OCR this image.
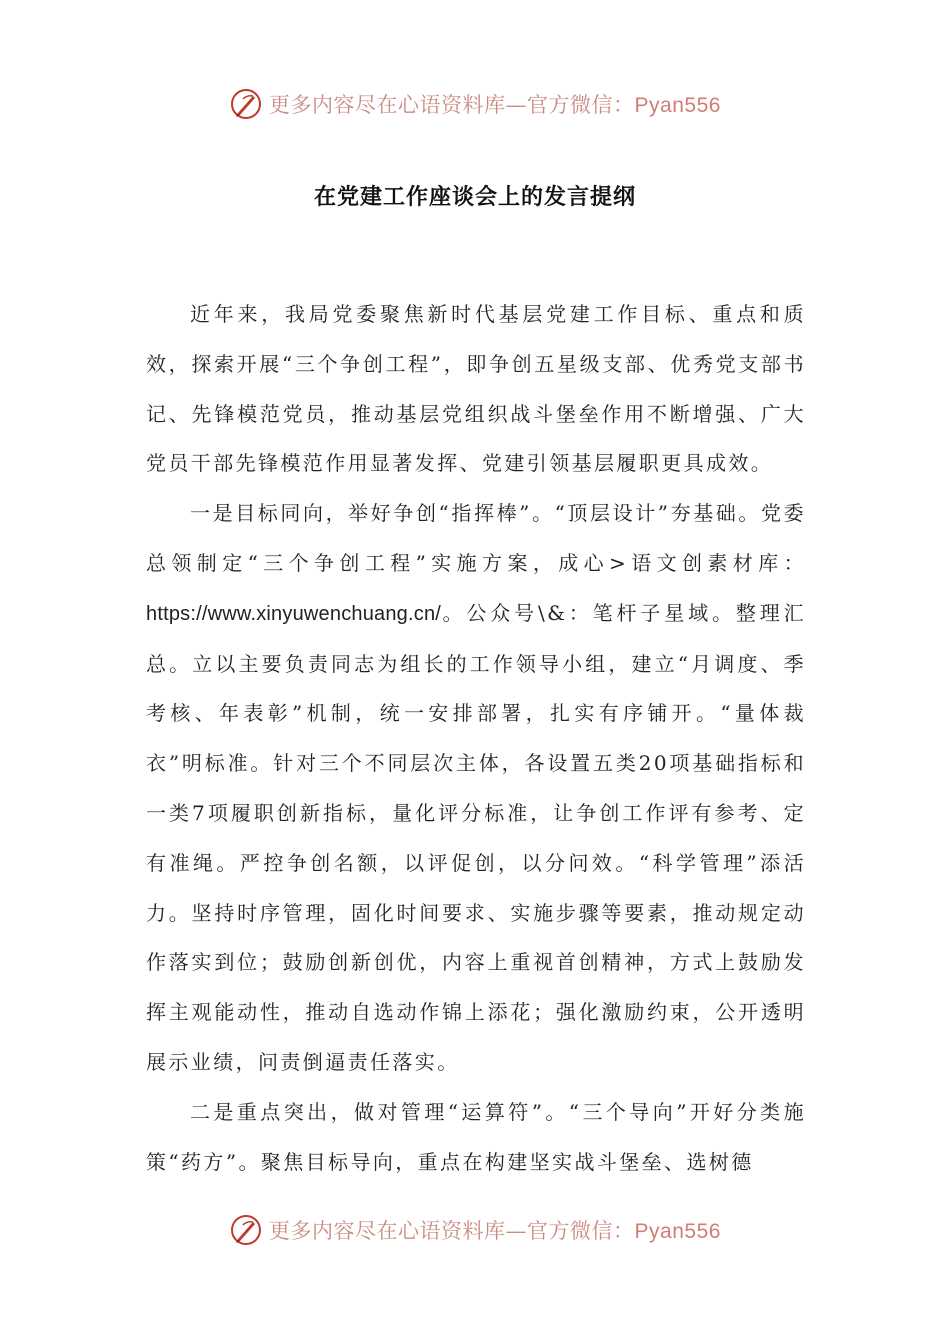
更多内容尽在心语资料库—官方微信：Pyan556
在党建工作座谈会上的发言提纲

近年来，我局党委聚焦新时代基层党建工作目标、重点和质效，探索开展“三个争创工程”，即争创五星级支部、优秀党支部书记、先锋模范党员，推动基层党组织战斗堡垒作用不断增强、广大党员干部先锋模范作用显著发挥、党建引领基层履职更具成效。

一是目标同向，举好争创“指挥棒”。“顶层设计”夯基础。党委总领制定“三个争创工程”实施方案，成心>语文创素材库：https://www.xinyuwenchuang.cn/。公众号\&：笔杆子星域。整理汇总。立以主要负责同志为组长的工作领导小组，建立“月调度、季考核、年表彰”机制，统一安排部署，扎实有序铺开。“量体裁衣”明标准。针对三个不同层次主体，各设置五类20项基础指标和一类7项履职创新指标，量化评分标准，让争创工作评有参考、定有准绳。严控争创名额，以评促创，以分问效。“科学管理”添活力。坚持时序管理，固化时间要求、实施步骤等要素，推动规定动作落实到位；鼓励创新创优，内容上重视首创精神，方式上鼓励发挥主观能动性，推动自选动作锦上添花；强化激励约束，公开透明展示业绩，问责倒逼责任落实。

二是重点突出，做对管理“运算符”。“三个导向”开好分类施策“药方”。聚焦目标导向，重点在构建坚实战斗堡垒、选树德

更多内容尽在心语资料库—官方微信：Pyan556
